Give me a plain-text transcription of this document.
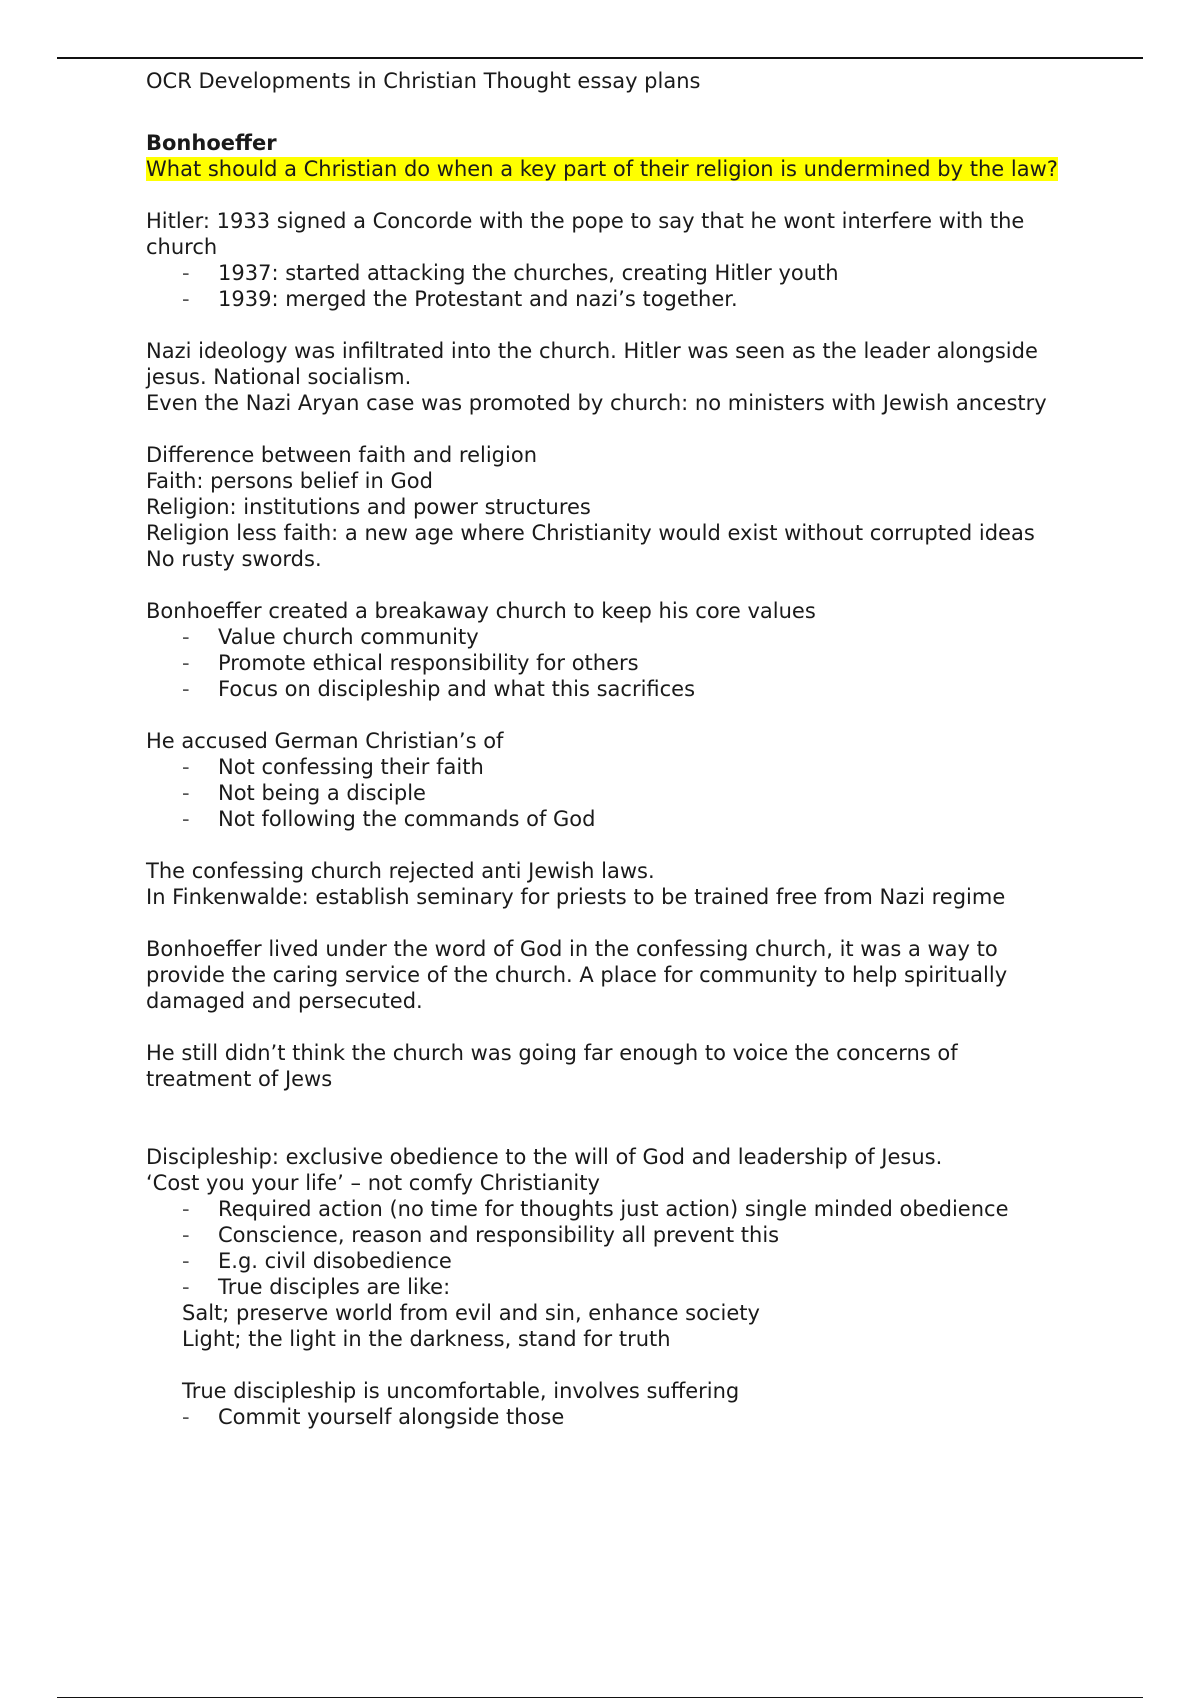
OCR Developments in Christian Thought essay plans

Bonhoeffer

What should a Christian do when a key part of their religion is undermined by the law?

Hitler: 1933 signed a Concorde with the pope to say that he wont interfere with the church

- 1937: started attacking the churches, creating Hitler youth
- 1939: merged the Protestant and nazi’s together.

Nazi ideology was infiltrated into the church. Hitler was seen as the leader alongside jesus. National socialism.

Even the Nazi Aryan case was promoted by church: no ministers with Jewish ancestry

Difference between faith and religion

Faith: persons belief in God

Religion: institutions and power structures

Religion less faith: a new age where Christianity would exist without corrupted ideas

No rusty swords.

Bonhoeffer created a breakaway church to keep his core values

- Value church community
- Promote ethical responsibility for others
- Focus on discipleship and what this sacrifices

He accused German Christian’s of

- Not confessing their faith
- Not being a disciple
- Not following the commands of God

The confessing church rejected anti Jewish laws.

In Finkenwalde: establish seminary for priests to be trained free from Nazi regime

Bonhoeffer lived under the word of God in the confessing church, it was a way to provide the caring service of the church. A place for community to help spiritually damaged and persecuted.

He still didn’t think the church was going far enough to voice the concerns of treatment of Jews

Discipleship: exclusive obedience to the will of God and leadership of Jesus.

‘Cost you your life’ – not comfy Christianity

- Required action (no time for thoughts just action) single minded obedience
- Conscience, reason and responsibility all prevent this
- E.g. civil disobedience
- True disciples are like:

Salt; preserve world from evil and sin, enhance society

Light; the light in the darkness, stand for truth

True discipleship is uncomfortable, involves suffering

- Commit yourself alongside those
